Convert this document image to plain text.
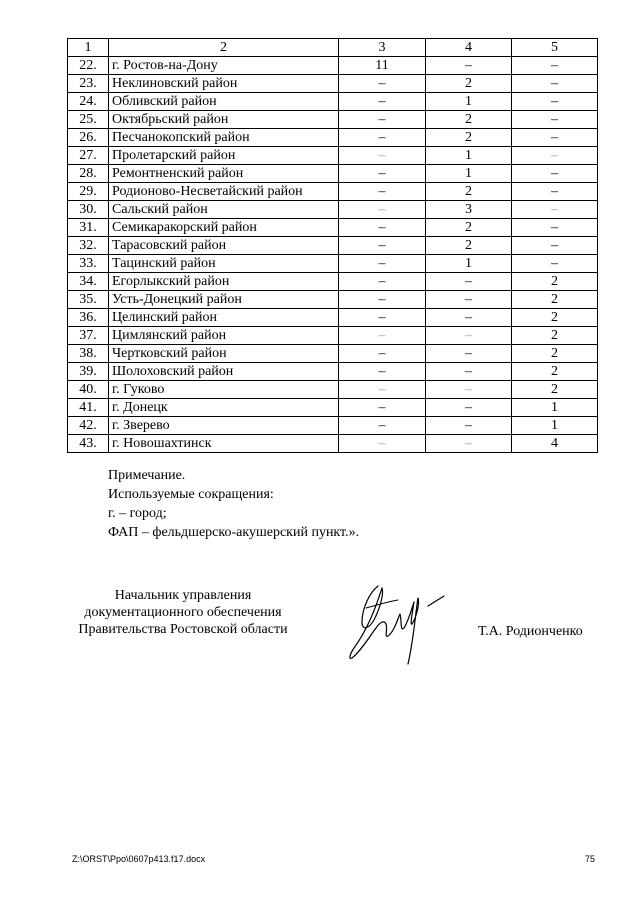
1	2	3	4	5
22.	г. Ростов-на-Дону	11	–	–
23.	Неклиновский район	–	2	–
24.	Обливский район	–	1	–
25.	Октябрьский район	–	2	–
26.	Песчанокопский район	–	2	–
27.	Пролетарский район	–	1	–
28.	Ремонтненский район	–	1	–
29.	Родионово-Несветайский район	–	2	–
30.	Сальский район	–	3	–
31.	Семикаракорский район	–	2	–
32.	Тарасовский район	–	2	–
33.	Тацинский район	–	1	–
34.	Егорлыкский район	–	–	2
35.	Усть-Донецкий район	–	–	2
36.	Целинский район	–	–	2
37.	Цимлянский район	–	–	2
38.	Чертковский район	–	–	2
39.	Шолоховский район	–	–	2
40.	г. Гуково	–	–	2
41.	г. Донецк	–	–	1
42.	г. Зверево	–	–	1
43.	г. Новошахтинск	–	–	4
Примечание.
Используемые сокращения:
г. – город;
ФАП – фельдшерско-акушерский пункт.».
Начальник управления
документационного обеспечения
Правительства Ростовской области	Т.А. Родионченко
Z:\ORST\Ppo\0607p413.f17.docx	75
